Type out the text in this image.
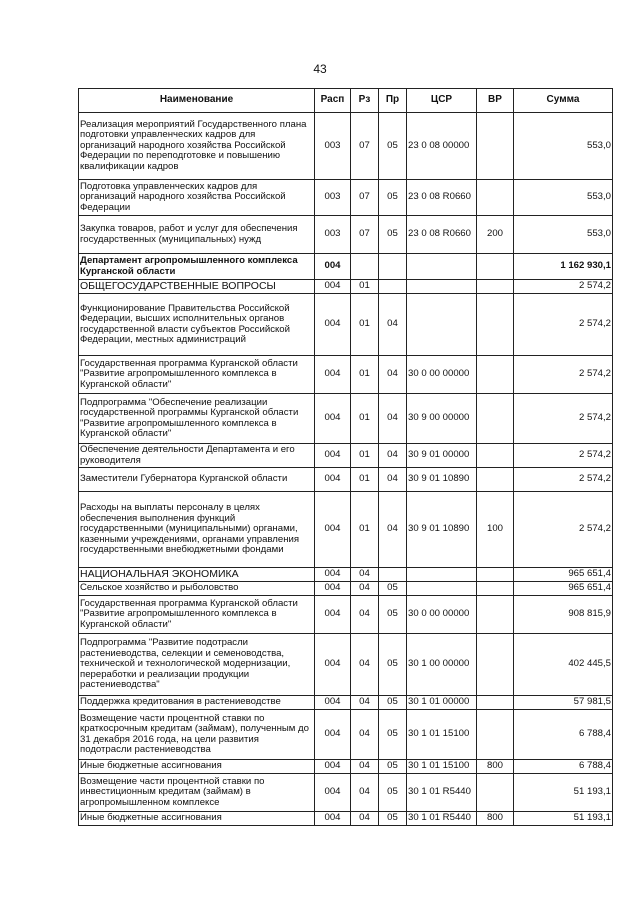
43
Наименование	Расп	Рз	Пр	ЦСР	ВР	Сумма
Реализация мероприятий Государственного плана подготовки управленческих кадров для организаций народного хозяйства Российской Федерации по переподготовке и повышению квалификации кадров	003	07	05	23 0 08 00000		553,0
Подготовка управленческих кадров для организаций народного хозяйства Российской Федерации	003	07	05	23 0 08 R0660		553,0
Закупка товаров, работ и услуг для обеспечения государственных (муниципальных) нужд	003	07	05	23 0 08 R0660	200	553,0
Департамент агропромышленного комплекса Курганской области	004					1 162 930,1
ОБЩЕГОСУДАРСТВЕННЫЕ ВОПРОСЫ	004	01				2 574,2
Функционирование Правительства Российской Федерации, высших исполнительных органов государственной власти субъектов Российской Федерации, местных администраций	004	01	04			2 574,2
Государственная программа Курганской области "Развитие агропромышленного комплекса в Курганской области"	004	01	04	30 0 00 00000		2 574,2
Подпрограмма "Обеспечение реализации государственной программы Курганской области "Развитие агропромышленного комплекса в Курганской области"	004	01	04	30 9 00 00000		2 574,2
Обеспечение деятельности Департамента и его руководителя	004	01	04	30 9 01 00000		2 574,2
Заместители Губернатора Курганской области	004	01	04	30 9 01 10890		2 574,2
Расходы на выплаты персоналу в целях обеспечения выполнения функций государственными (муниципальными) органами, казенными учреждениями, органами управления государственными внебюджетными фондами	004	01	04	30 9 01 10890	100	2 574,2
НАЦИОНАЛЬНАЯ ЭКОНОМИКА	004	04				965 651,4
Сельское хозяйство и рыболовство	004	04	05			965 651,4
Государственная программа Курганской области "Развитие агропромышленного комплекса в Курганской области"	004	04	05	30 0 00 00000		908 815,9
Подпрограмма "Развитие подотрасли растениеводства, селекции и семеноводства, технической и технологической модернизации, переработки и реализации продукции растениеводства"	004	04	05	30 1 00 00000		402 445,5
Поддержка кредитования в растениеводстве	004	04	05	30 1 01 00000		57 981,5
Возмещение части процентной ставки по краткосрочным кредитам (займам), полученным до 31 декабря 2016 года, на цели развития подотрасли растениеводства	004	04	05	30 1 01 15100		6 788,4
Иные бюджетные ассигнования	004	04	05	30 1 01 15100	800	6 788,4
Возмещение части процентной ставки по инвестиционным кредитам (займам) в агропромышленном комплексе	004	04	05	30 1 01 R5440		51 193,1
Иные бюджетные ассигнования	004	04	05	30 1 01 R5440	800	51 193,1
